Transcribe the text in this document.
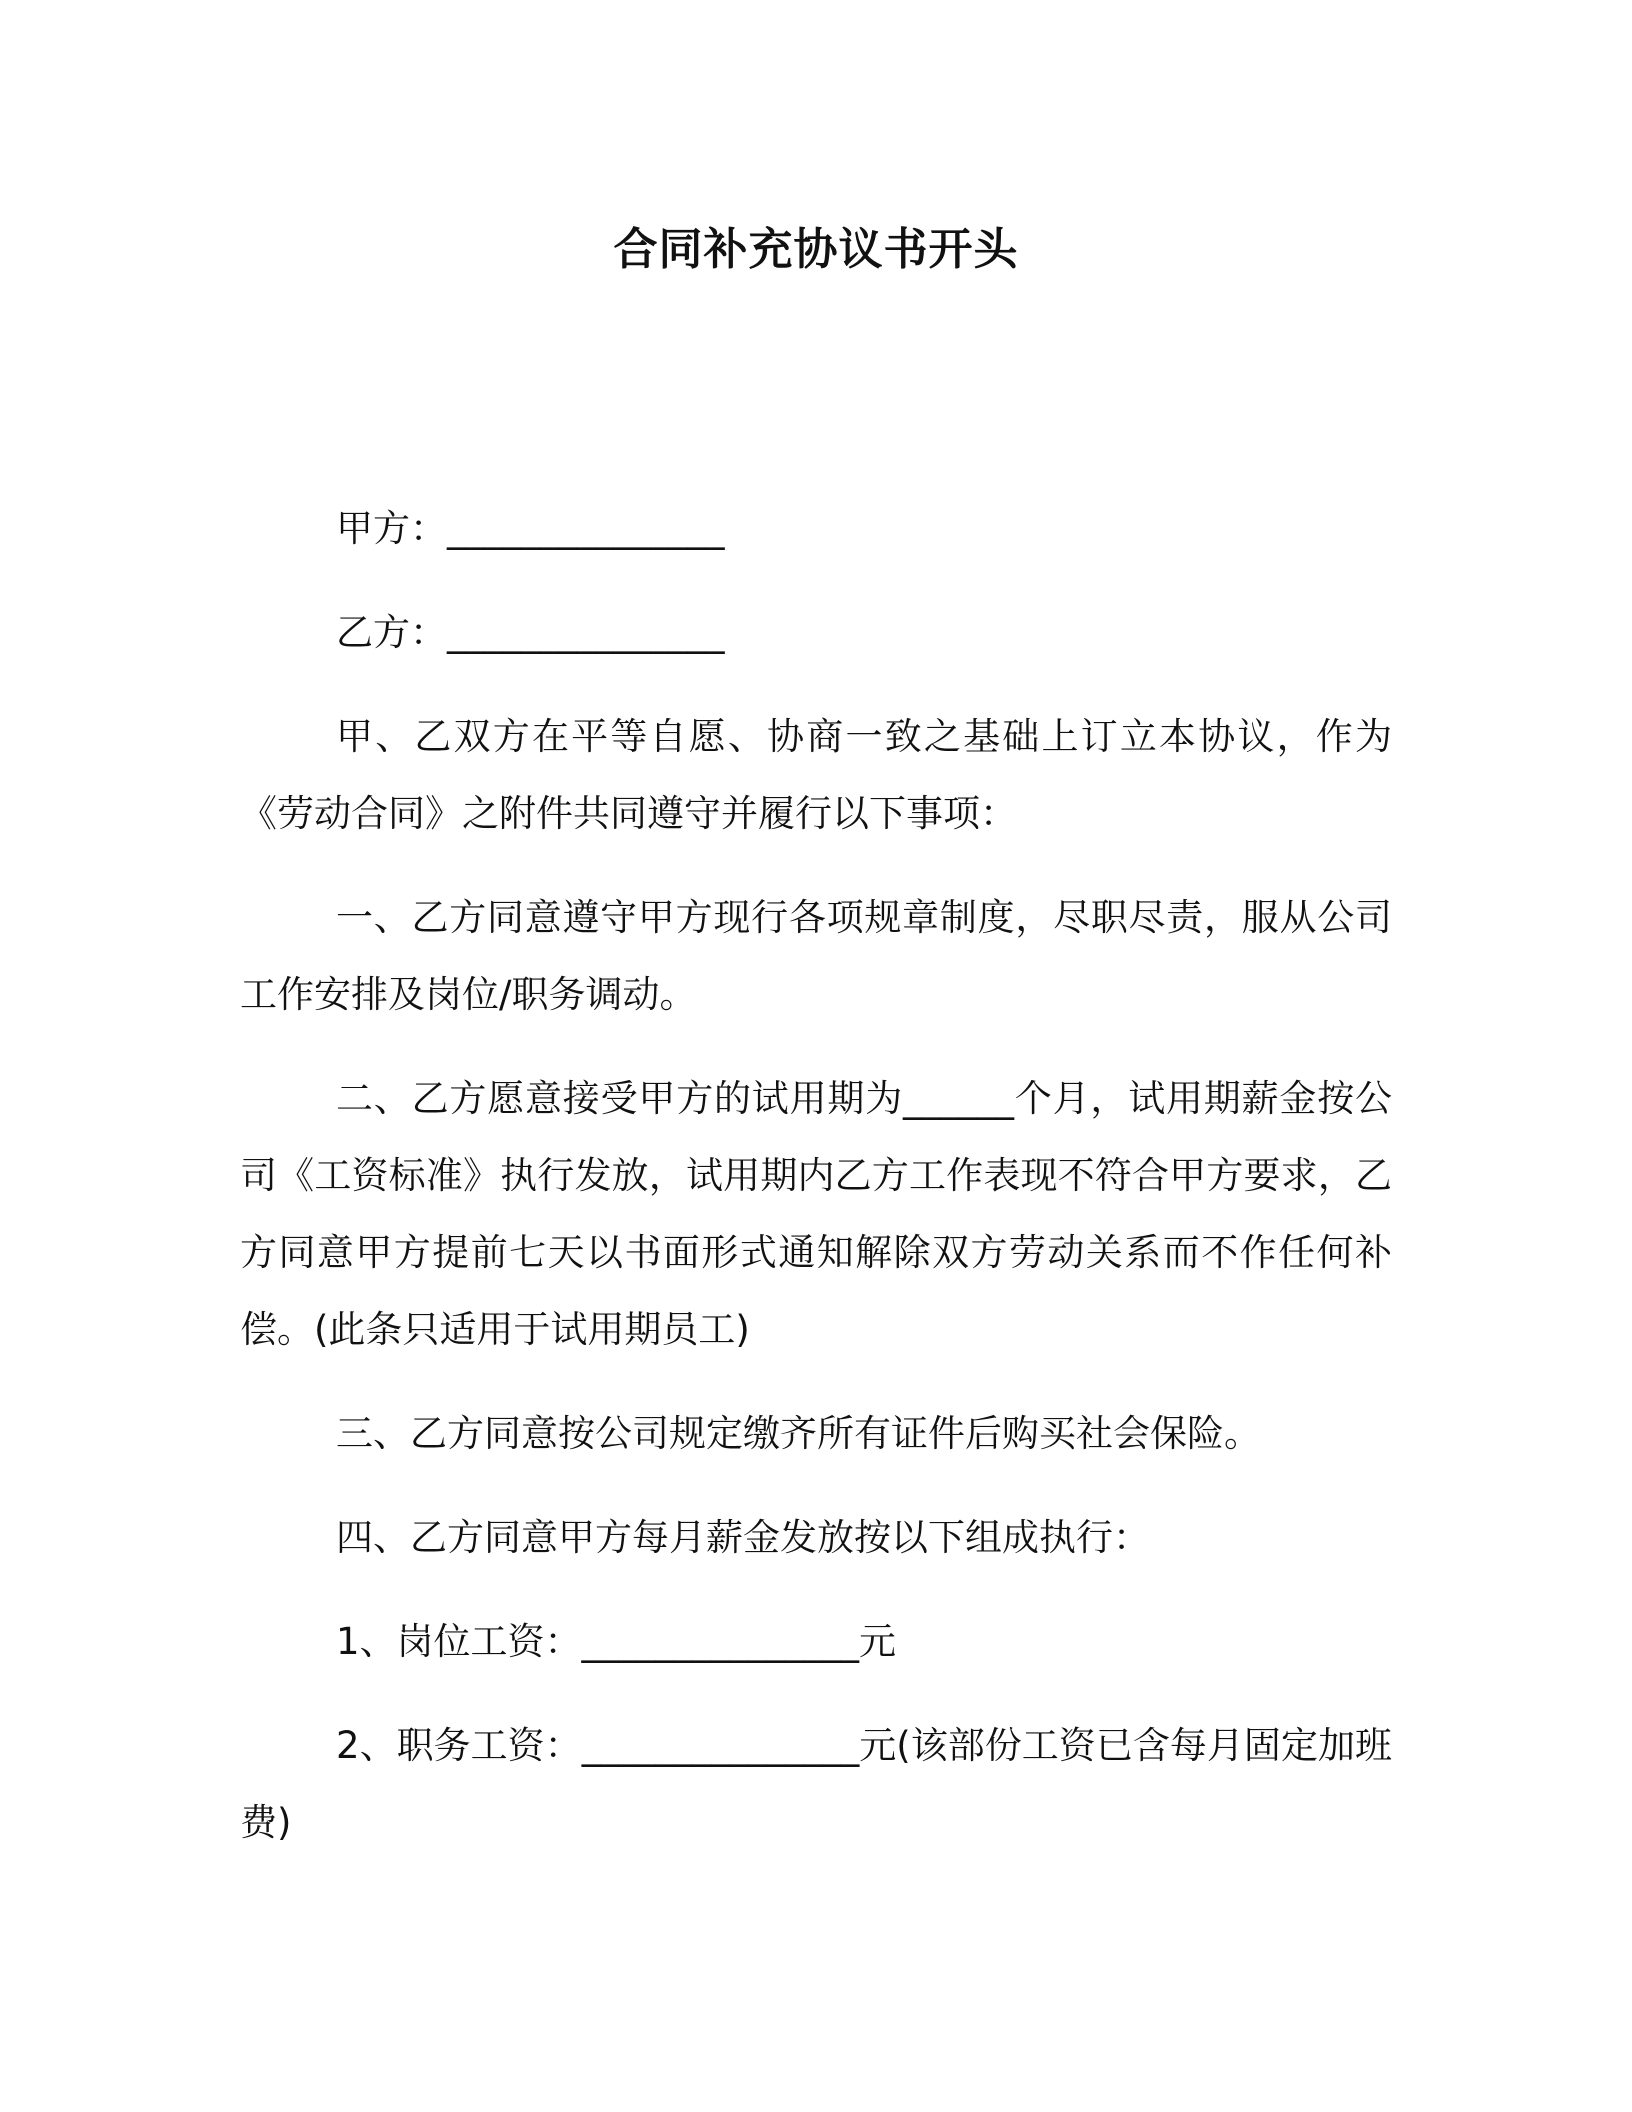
合同补充协议书开头

甲方：_______________

乙方：_______________

甲、乙双方在平等自愿、协商一致之基础上订立本协议，作为《劳动合同》之附件共同遵守并履行以下事项：

一、乙方同意遵守甲方现行各项规章制度，尽职尽责，服从公司工作安排及岗位/职务调动。

二、乙方愿意接受甲方的试用期为______个月，试用期薪金按公司《工资标准》执行发放，试用期内乙方工作表现不符合甲方要求，乙方同意甲方提前七天以书面形式通知解除双方劳动关系而不作任何补偿。(此条只适用于试用期员工)

三、乙方同意按公司规定缴齐所有证件后购买社会保险。

四、乙方同意甲方每月薪金发放按以下组成执行：

1、岗位工资：_______________元

2、职务工资：_______________元(该部份工资已含每月固定加班费)
